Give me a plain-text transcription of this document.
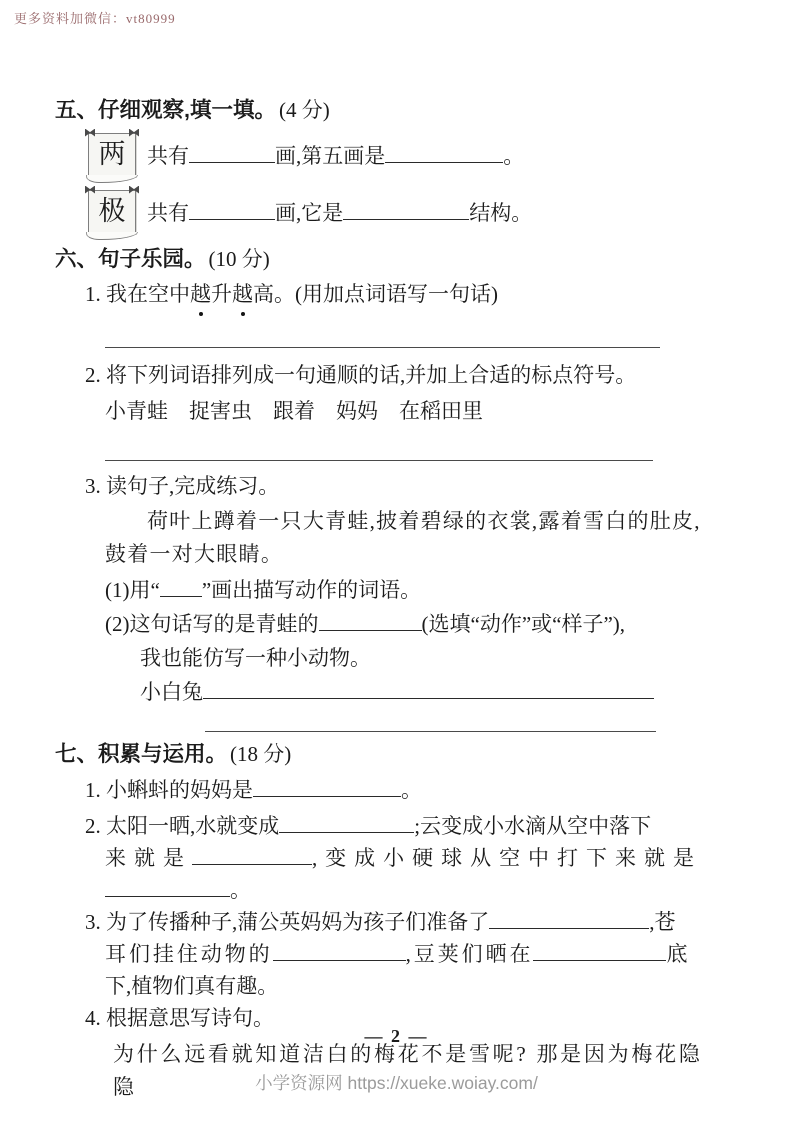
更多资料加微信：vt80999
五、仔细观察,填一填。 (4 分)
两 共有	画,第五画是	。
极 共有	画,它是	结构。
六、句子乐园。 (10 分)

1. 我在空中越升越高。(用加点词语写一句话)

2. 将下列词语排列成一句通顺的话,并加上合适的标点符号。

小青蛙　捉害虫　跟着　妈妈　在稻田里

3. 读句子,完成练习。

荷叶上蹲着一只大青蛙,披着碧绿的衣裳,露着雪白的肚皮,鼓着一对大眼睛。

(1)用“ ”画出描写动作的词语。

(2)这句话写的是青蛙的	(选填“动作”或“样子”),

我也能仿写一种小动物。

小白兔

七、积累与运用。 (18 分)

1. 小蝌蚪的妈妈是	。

2. 太阳一晒,水就变成	;云变成小水滴从空中落下

来就是	,变成小硬球从空中打下来就是

。

3. 为了传播种子,蒲公英妈妈为孩子们准备了	,苍

耳们挂住动物的	,豆荚们晒在	底

下,植物们真有趣。

4. 根据意思写诗句。

为什么远看就知道洁白的梅花不是雪呢? 那是因为梅花隐隐

— 2 —
小学资源网 https://xueke.woiay.com/
